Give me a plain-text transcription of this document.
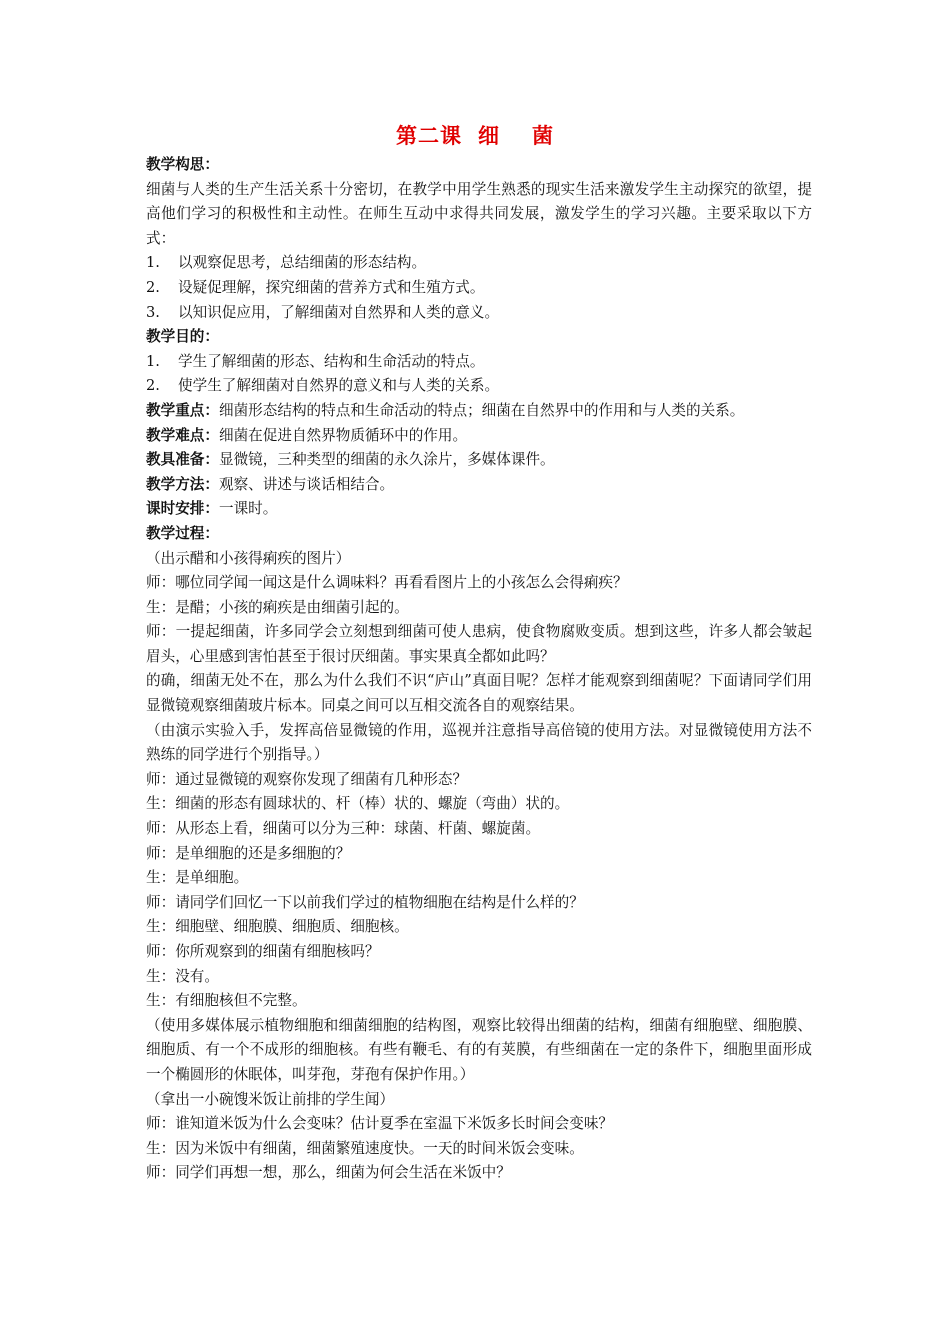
第二课 细 菌
教学构思：
细菌与人类的生产生活关系十分密切，在教学中用学生熟悉的现实生活来激发学生主动探究的欲望，提高他们学习的积极性和主动性。在师生互动中求得共同发展，激发学生的学习兴趣。主要采取以下方式：
1. 以观察促思考，总结细菌的形态结构。
2. 设疑促理解，探究细菌的营养方式和生殖方式。
3. 以知识促应用，了解细菌对自然界和人类的意义。
教学目的：
1. 学生了解细菌的形态、结构和生命活动的特点。
2. 使学生了解细菌对自然界的意义和与人类的关系。
教学重点：细菌形态结构的特点和生命活动的特点；细菌在自然界中的作用和与人类的关系。
教学难点：细菌在促进自然界物质循环中的作用。
教具准备：显微镜，三种类型的细菌的永久涂片，多媒体课件。
教学方法：观察、讲述与谈话相结合。
课时安排：一课时。
教学过程：
（出示醋和小孩得痢疾的图片）
师：哪位同学闻一闻这是什么调味料？再看看图片上的小孩怎么会得痢疾？
生：是醋；小孩的痢疾是由细菌引起的。
师：一提起细菌，许多同学会立刻想到细菌可使人患病，使食物腐败变质。想到这些，许多人都会皱起眉头，心里感到害怕甚至于很讨厌细菌。事实果真全都如此吗？
的确，细菌无处不在，那么为什么我们不识“庐山”真面目呢？怎样才能观察到细菌呢？下面请同学们用显微镜观察细菌玻片标本。同桌之间可以互相交流各自的观察结果。
（由演示实验入手，发挥高倍显微镜的作用，巡视并注意指导高倍镜的使用方法。对显微镜使用方法不熟练的同学进行个别指导。）
师：通过显微镜的观察你发现了细菌有几种形态？
生：细菌的形态有圆球状的、杆（棒）状的、螺旋（弯曲）状的。
师：从形态上看，细菌可以分为三种：球菌、杆菌、螺旋菌。
师：是单细胞的还是多细胞的？
生：是单细胞。
师：请同学们回忆一下以前我们学过的植物细胞在结构是什么样的？
生：细胞壁、细胞膜、细胞质、细胞核。
师：你所观察到的细菌有细胞核吗？
生：没有。
生：有细胞核但不完整。
（使用多媒体展示植物细胞和细菌细胞的结构图，观察比较得出细菌的结构，细菌有细胞壁、细胞膜、细胞质、有一个不成形的细胞核。有些有鞭毛、有的有荚膜，有些细菌在一定的条件下，细胞里面形成一个椭圆形的休眠体，叫芽孢，芽孢有保护作用。）
（拿出一小碗馊米饭让前排的学生闻）
师：谁知道米饭为什么会变味？估计夏季在室温下米饭多长时间会变味？
生：因为米饭中有细菌，细菌繁殖速度快。一天的时间米饭会变味。
师：同学们再想一想，那么，细菌为何会生活在米饭中？
